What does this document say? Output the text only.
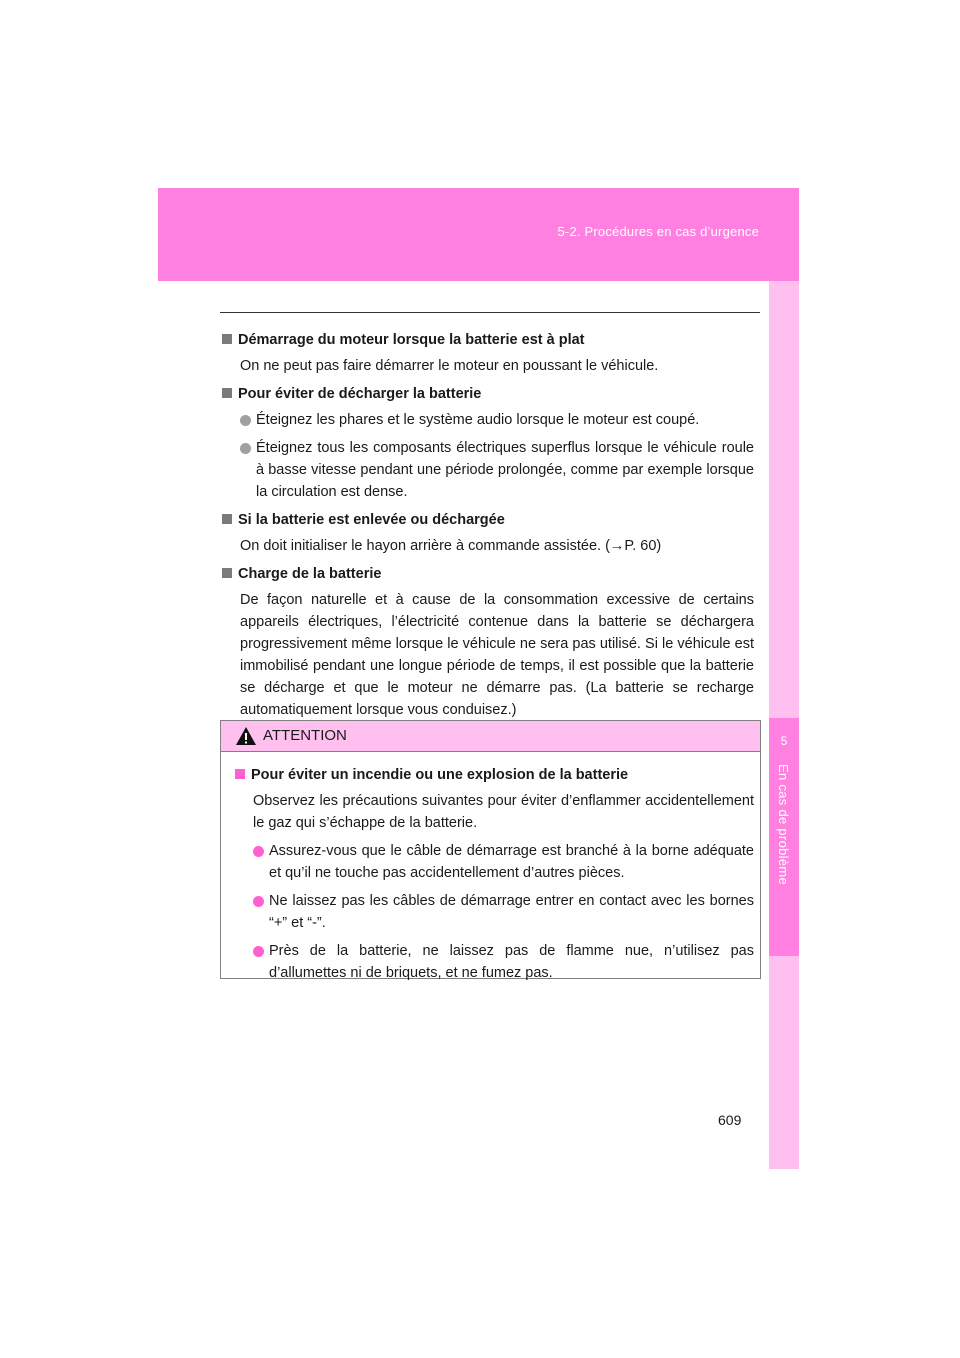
5-2. Procédures en cas d’urgence
5
En cas de problème
Démarrage du moteur lorsque la batterie est à plat
On ne peut pas faire démarrer le moteur en poussant le véhicule.
Pour éviter de décharger la batterie
Éteignez les phares et le système audio lorsque le moteur est coupé.
Éteignez tous les composants électriques superflus lorsque le véhicule roule à basse vitesse pendant une période prolongée, comme par exemple lorsque la circulation est dense.
Si la batterie est enlevée ou déchargée
On doit initialiser le hayon arrière à commande assistée. (→P. 60)
Charge de la batterie
De façon naturelle et à cause de la consommation excessive de certains appareils électriques, l’électricité contenue dans la batterie se déchargera progressivement même lorsque le véhicule ne sera pas utilisé. Si le véhicule est immobilisé pendant une longue période de temps, il est possible que la batterie se décharge et que le moteur ne démarre pas. (La batterie se recharge automatiquement lorsque vous conduisez.)
ATTENTION
Pour éviter un incendie ou une explosion de la batterie
Observez les précautions suivantes pour éviter d’enflammer accidentellement le gaz qui s’échappe de la batterie.
Assurez-vous que le câble de démarrage est branché à la borne adéquate et qu’il ne touche pas accidentellement d’autres pièces.
Ne laissez pas les câbles de démarrage entrer en contact avec les bornes “+” et “-”.
Près de la batterie, ne laissez pas de flamme nue, n’utilisez pas d’allumettes ni de briquets, et ne fumez pas.
609
